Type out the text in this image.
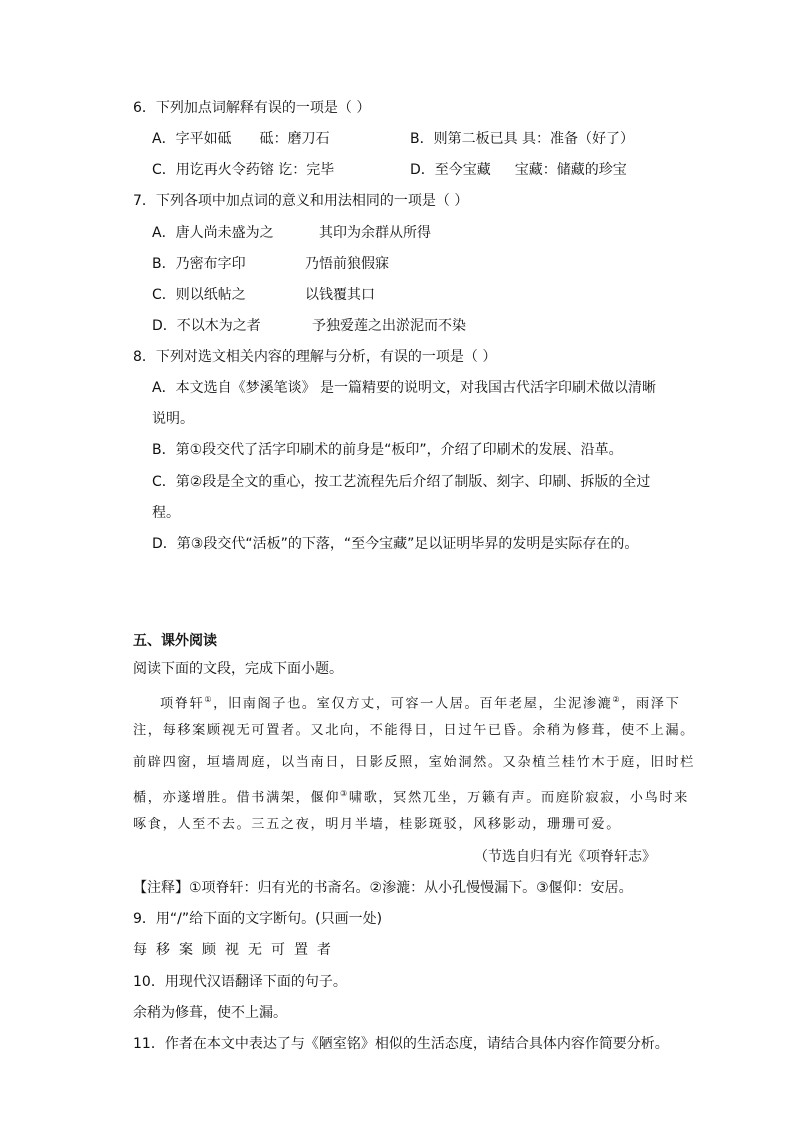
6．下列加点词解释有误的一项是（ ）
A．字平如砥 砥：磨刀石	B．则第二板已具 具：准备（好了）
C．用讫再火令药镕 讫：完毕	D．至今宝藏 宝藏：储藏的珍宝
7．下列各项中加点词的意义和用法相同的一项是（ ）
A．唐人尚未盛为之	其印为余群从所得
B．乃密布字印	乃悟前狼假寐
C．则以纸帖之	以钱覆其口
D．不以木为之者	予独爱莲之出淤泥而不染
8．下列对选文相关内容的理解与分析，有误的一项是（ ）
A．本文选自《梦溪笔谈》 是一篇精要的说明文，对我国古代活字印刷术做以清晰
说明。
B．第①段交代了活字印刷术的前身是“板印”，介绍了印刷术的发展、沿革。
C．第②段是全文的重心，按工艺流程先后介绍了制版、刻字、印刷、拆版的全过
程。
D．第③段交代“活板”的下落，“至今宝藏”足以证明毕昇的发明是实际存在的。
五、课外阅读
阅读下面的文段，完成下面小题。
项脊轩①，旧南阁子也。室仅方丈，可容一人居。百年老屋，尘泥渗漉②，雨泽下
注，每移案顾视无可置者。又北向，不能得日，日过午已昏。余稍为修葺，使不上漏。
前辟四窗，垣墙周庭，以当南日，日影反照，室始洞然。又杂植兰桂竹木于庭，旧时栏
楯，亦遂增胜。借书满架，偃仰③啸歌，冥然兀坐，万籁有声。而庭阶寂寂，小鸟时来
啄食，人至不去。三五之夜，明月半墙，桂影斑驳，风移影动，珊珊可爱。
（节选自归有光《项脊轩志》
【注释】①项脊轩：归有光的书斋名。②渗漉：从小孔慢慢漏下。③偃仰：安居。
9．用“/”给下面的文字断句。(只画一处)
每移案顾视无可置者
10．用现代汉语翻译下面的句子。
余稍为修葺，使不上漏。
11．作者在本文中表达了与《陋室铭》相似的生活态度，请结合具体内容作简要分析。
